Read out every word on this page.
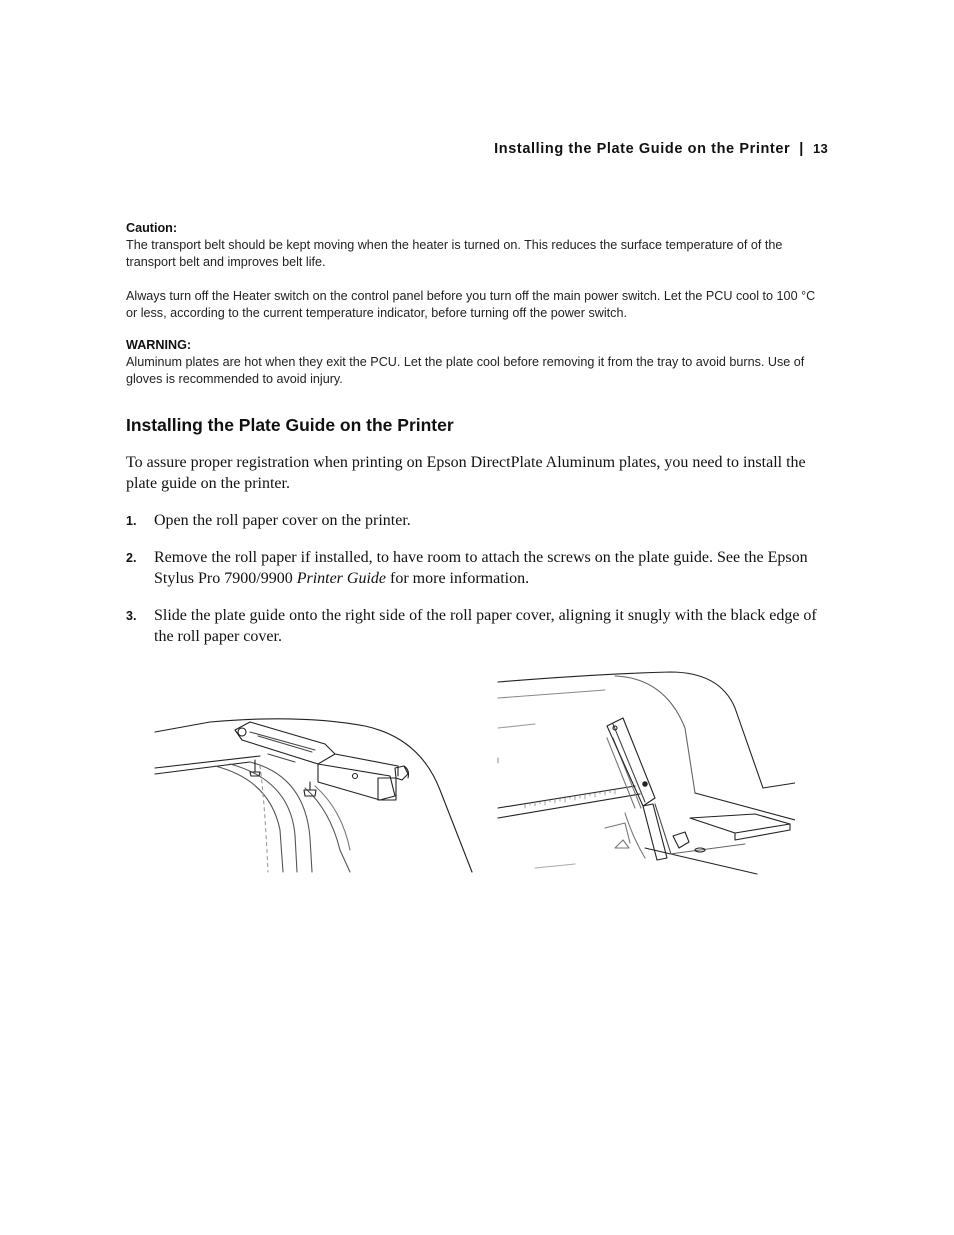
Installing the Plate Guide on the Printer | 13
Caution:

The transport belt should be kept moving when the heater is turned on. This reduces the surface temperature of of the transport belt and improves belt life.

Always turn off the Heater switch on the control panel before you turn off the main power switch. Let the PCU cool to 100 °C or less, according to the current temperature indicator, before turning off the power switch.

WARNING:

Aluminum plates are hot when they exit the PCU. Let the plate cool before removing it from the tray to avoid burns. Use of gloves is recommended to avoid injury.

Installing the Plate Guide on the Printer

To assure proper registration when printing on Epson DirectPlate Aluminum plates, you need to install the plate guide on the printer.

1. Open the roll paper cover on the printer.
2. Remove the roll paper if installed, to have room to attach the screws on the plate guide. See the Epson Stylus Pro 7900/9900 Printer Guide for more information.
3. Slide the plate guide onto the right side of the roll paper cover, aligning it snugly with the black edge of the roll paper cover.
